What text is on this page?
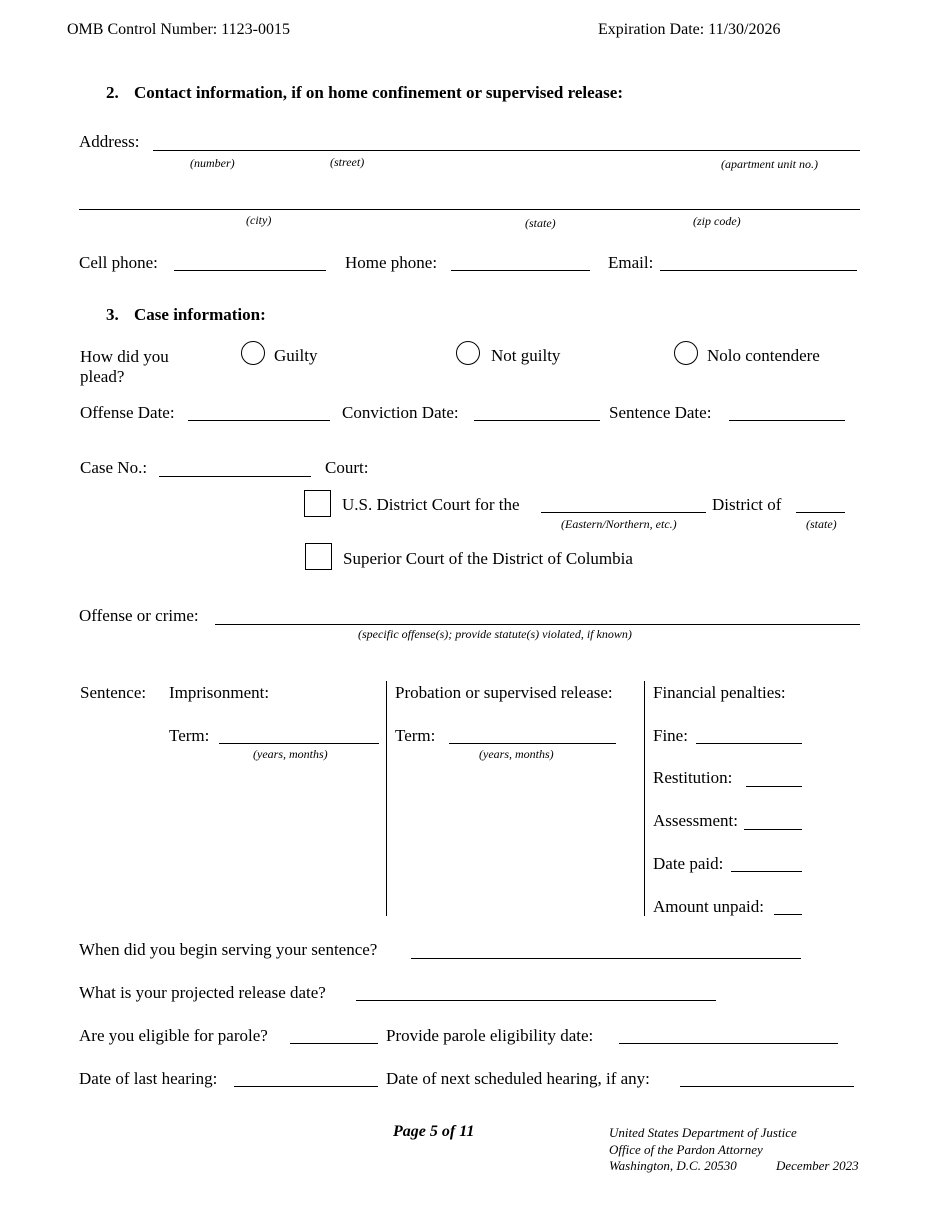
OMB Control Number: 1123-0015	Expiration Date: 11/30/2026
2. Contact information, if on home confinement or supervised release:
Address:
(number)	(street)	(apartment unit no.)
(city)	(state)	(zip code)
Cell phone:	Home phone:	Email:
3. Case information:
How did you
plead?
Guilty	Not guilty	Nolo contendere
Offense Date:	Conviction Date:	Sentence Date:
Case No.:	Court:
U.S. District Court for the	District of
(Eastern/Northern, etc.)	(state)
Superior Court of the District of Columbia
Offense or crime:
(specific offense(s); provide statute(s) violated, if known)
Sentence: Imprisonment:
Term:
(years, months)
Probation or supervised release:
Term:
(years, months)
Financial penalties:
Fine:
Restitution:
Assessment:
Date paid:
Amount unpaid:
When did you begin serving your sentence?
What is your projected release date?
Are you eligible for parole?	Provide parole eligibility date:
Date of last hearing:	Date of next scheduled hearing, if any:
Page 5 of 11	United States Department of Justice
Office of the Pardon Attorney
Washington, D.C. 20530	December 2023
